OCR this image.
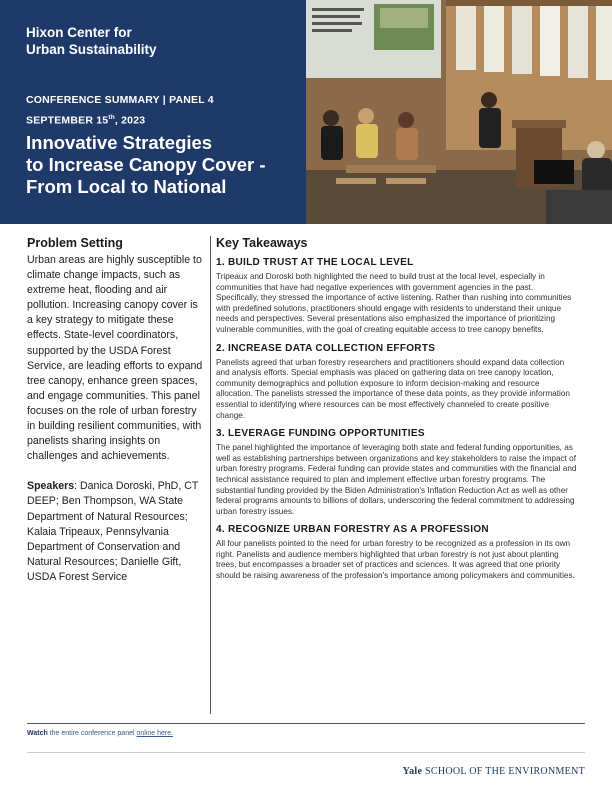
Hixon Center for
Urban Sustainability
CONFERENCE SUMMARY | PANEL 4
SEPTEMBER 15th, 2023
Innovative Strategies
to Increase Canopy Cover -
From Local to National
Problem Setting
Urban areas are highly susceptible to climate change impacts, such as extreme heat, flooding and air pollution. Increasing canopy cover is a key strategy to mitigate these effects. State-level coordinators, supported by the USDA Forest Service, are leading efforts to expand tree canopy, enhance green spaces, and engage communities. This panel focuses on the role of urban forestry in building resilient communities, with panelists sharing insights on challenges and achievements.
Speakers: Danica Doroski, PhD, CT DEEP; Ben Thompson, WA State Department of Natural Resources; Kalaia Tripeaux, Pennsylvania Department of Conservation and Natural Resources; Danielle Gift, USDA Forest Service
Key Takeaways
1. BUILD TRUST AT THE LOCAL LEVEL
Tripeaux and Doroski both highlighted the need to build trust at the local level, especially in communities that have had negative experiences with government agencies in the past. Specifically, they stressed the importance of active listening. Rather than rushing into communities with predefined solutions, practitioners should engage with residents to understand their unique needs and perspectives. Several presentations also emphasized the importance of prioritizing vulnerable communities, with the goal of creating equitable access to tree canopy benefits.
2. INCREASE DATA COLLECTION EFFORTS
Panelists agreed that urban forestry researchers and practitioners should expand data collection and analysis efforts. Special emphasis was placed on gathering data on tree canopy location, community demographics and pollution exposure to inform decision-making and resource allocation. The panelists stressed the importance of these data points, as they provide information essential to identifying where resources can be most effectively channeled to create positive change.
3. LEVERAGE FUNDING OPPORTUNITIES
The panel highlighted the importance of leveraging both state and federal funding opportunities, as well as establishing partnerships between organizations and key stakeholders to raise the impact of urban forestry programs. Federal funding can provide states and communities with the financial and technical assistance required to plan and implement effective urban forestry programs. The substantial funding provided by the Biden Administration's Inflation Reduction Act as well as other federal programs amounts to billions of dollars, underscoring the federal commitment to addressing urban forestry issues.
4. RECOGNIZE URBAN FORESTRY AS A PROFESSION
All four panelists pointed to the need for urban forestry to be recognized as a profession in its own right. Panelists and audience members highlighted that urban forestry is not just about planting trees, but encompasses a broader set of practices and sciences. It was agreed that one priority should be raising awareness of the profession's importance among policymakers and communities.
Watch the entire conference panel online here.
Yale SCHOOL OF THE ENVIRONMENT
